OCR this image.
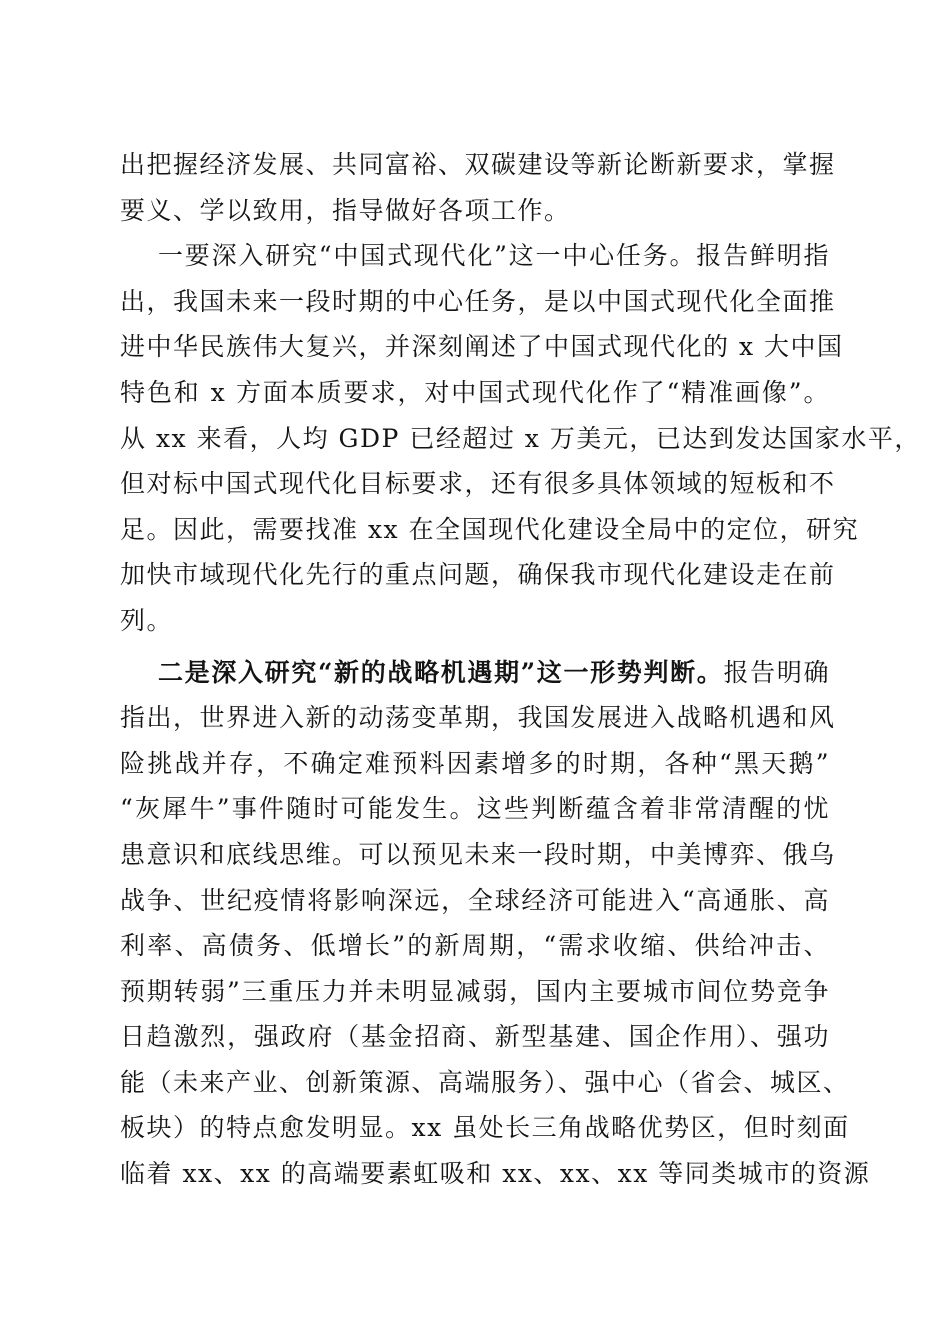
出把握经济发展、共同富裕、双碳建设等新论断新要求，掌握
要义、学以致用，指导做好各项工作。
一要深入研究“中国式现代化”这一中心任务。报告鲜明指
出，我国未来一段时期的中心任务，是以中国式现代化全面推
进中华民族伟大复兴，并深刻阐述了中国式现代化的 x 大中国
特色和 x 方面本质要求，对中国式现代化作了“精准画像”。
从 xx 来看，人均 GDP 已经超过 x 万美元，已达到发达国家水平，
但对标中国式现代化目标要求，还有很多具体领域的短板和不
足。因此，需要找准 xx 在全国现代化建设全局中的定位，研究
加快市域现代化先行的重点问题，确保我市现代化建设走在前
列。
二是深入研究“新的战略机遇期”这一形势判断。报告明确
指出，世界进入新的动荡变革期，我国发展进入战略机遇和风
险挑战并存，不确定难预料因素增多的时期，各种“黑天鹅”
“灰犀牛”事件随时可能发生。这些判断蕴含着非常清醒的忧
患意识和底线思维。可以预见未来一段时期，中美博弈、俄乌
战争、世纪疫情将影响深远，全球经济可能进入“高通胀、高
利率、高债务、低增长”的新周期，“需求收缩、供给冲击、
预期转弱”三重压力并未明显减弱，国内主要城市间位势竞争
日趋激烈，强政府（基金招商、新型基建、国企作用）、强功
能（未来产业、创新策源、高端服务）、强中心（省会、城区、
板块）的特点愈发明显。xx 虽处长三角战略优势区，但时刻面
临着 xx、xx 的高端要素虹吸和 xx、xx、xx 等同类城市的资源
